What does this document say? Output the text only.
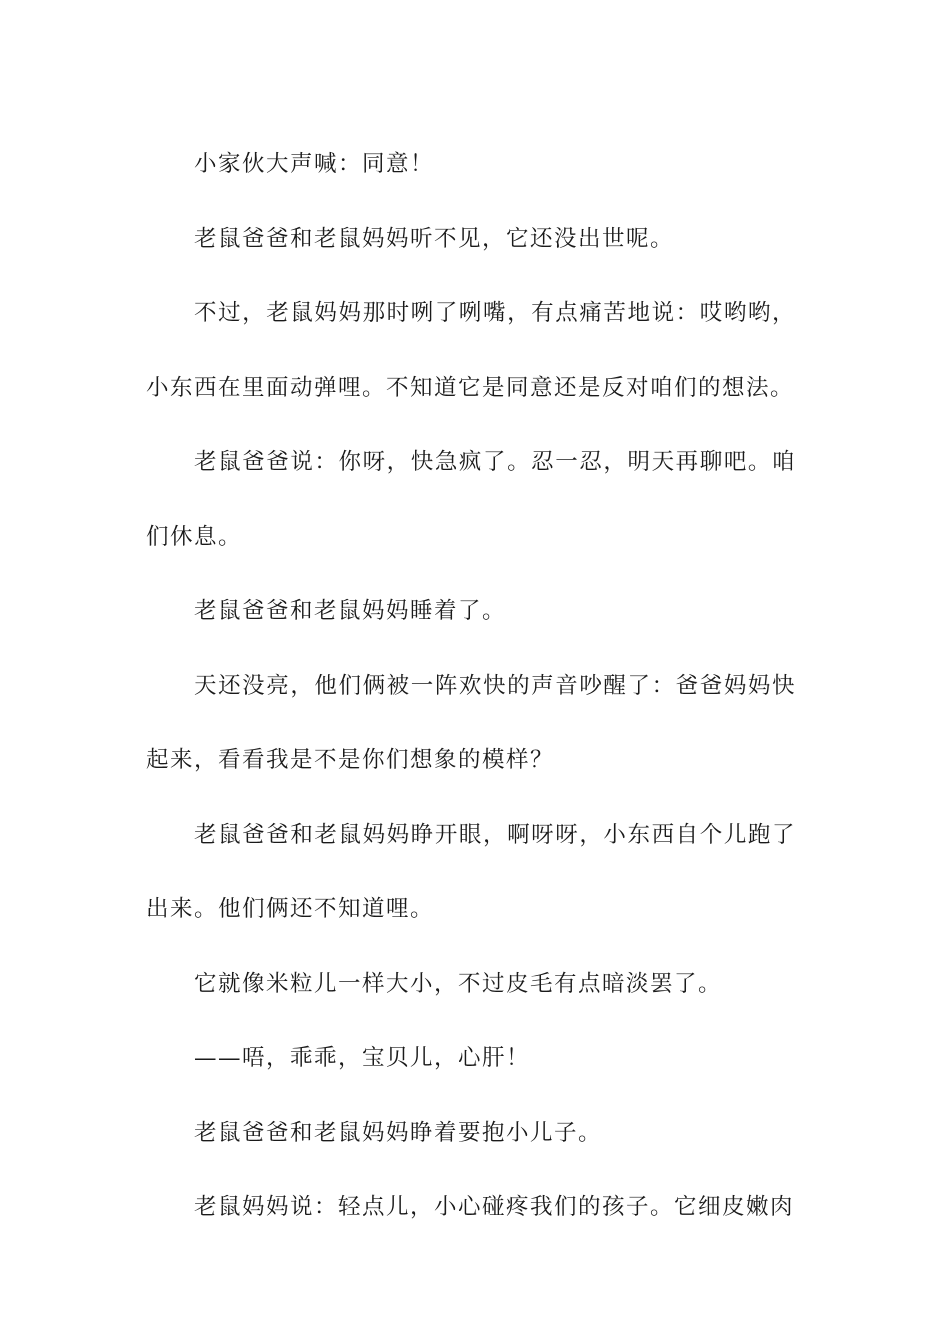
小家伙大声喊：同意！

老鼠爸爸和老鼠妈妈听不见，它还没出世呢。

不过，老鼠妈妈那时咧了咧嘴，有点痛苦地说：哎哟哟，小东西在里面动弹哩。不知道它是同意还是反对咱们的想法。

老鼠爸爸说：你呀，快急疯了。忍一忍，明天再聊吧。咱们休息。

老鼠爸爸和老鼠妈妈睡着了。

天还没亮，他们俩被一阵欢快的声音吵醒了：爸爸妈妈快起来，看看我是不是你们想象的模样？

老鼠爸爸和老鼠妈妈睁开眼，啊呀呀，小东西自个儿跑了出来。他们俩还不知道哩。

它就像米粒儿一样大小，不过皮毛有点暗淡罢了。

——唔，乖乖，宝贝儿，心肝！

老鼠爸爸和老鼠妈妈睁着要抱小儿子。

老鼠妈妈说：轻点儿，小心碰疼我们的孩子。它细皮嫩肉
